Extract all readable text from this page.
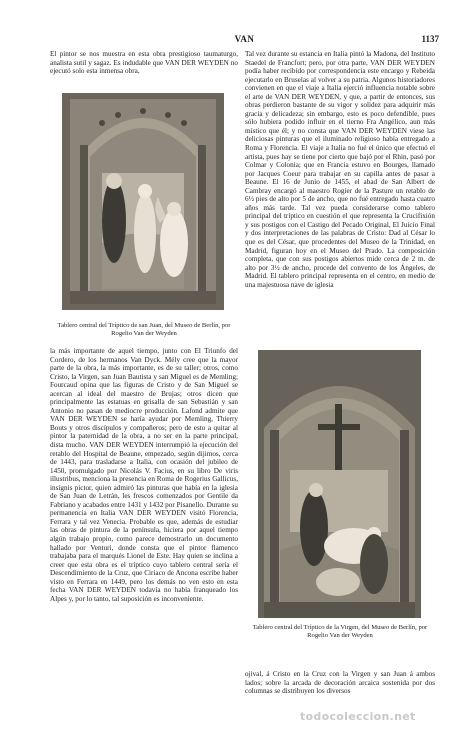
VAN	1137

El pintor se nos muestra en esta obra prestigioso taumaturgo, analista sutil y sagaz. Es indudable que VAN DER WEYDEN no ejecutó solo esta inmensa obra,

Tablero central del Tríptico de san Juan, del Museo de Berlín, por Rogelio Van der Weyden

la más importante de aquel tiempo, junto con El Triunfo del Cordero, de los hermanos Van Dyck. Mély cree que la mayor parte de la obra, la más importante, es de su taller; otros, como Cristo, la Virgen, san Juan Bautista y san Miguel es de Memling; Fourcaud opina que las figuras de Cristo y de San Miguel se acercan al ideal del maestro de Brujas; otros dicen que principalmente las estatuas en grisalla de san Sebastián y san Antonio no pasan de mediocre producción. Lafond admite que VAN DER WEYDEN se haría ayudar por Memling, Thierry Bouts y otros discípulos y compañeros; pero de esto a quitar al pintor la paternidad de la obra, a no ser en la parte principal, dista mucho. VAN DER WEYDEN interrumpió la ejecución del retablo del Hospital de Beaune, empezado, según dijimos, cerca de 1443, para trasladarse a Italia, con ocasión del jubileo de 1450, promulgado por Nicolás V. Facius, en su libro De viris illustribus, menciona la presencia en Roma de Rogerius Gallicus, insignis pictor, quien admiró las pinturas que había en la iglesia de San Juan de Letrán, les frescos comenzados por Gentile da Fabriano y acabados entre 1431 y 1432 por Pisanello. Durante su permanencia en Italia VAN DER WEYDEN visitó Florencia, Ferrara y tal vez Venecia. Probable es que, además de estudiar las obras de pintura de la península, hiciera por aquel tiempo algún trabajo propio, como parece demostrarlo un documento hallado por Venturi, donde consta que el pintor flamenco trabajaba para el marqués Lionel de Este. Hay quien se inclina a creer que esta obra es el tríptico cuyo tablero central sería el Descendimiento de la Cruz, que Ciriaco de Ancona escribe haber visto en Ferrara en 1449, pero los demás no ven esto en esta fecha VAN DER WEYDEN todavía no había franqueado los Alpes y, por lo tanto, tal suposición es inconveniente.

Tal vez durante su estancia en Italia pintó la Madona, del Instituto Staedel de Francfort; pero, por otra parte, VAN DER WEYDEN podía haber recibido por correspondencia este encargo y Rebeida ejecutarlo en Bruselas al volver a su patria. Algunos historiadores convienen en que el viaje a Italia ejerció influencia notable sobre el arte de VAN DER WEYDEN, y que, a partir de entonces, sus obras perdieron bastante de su vigor y solidez para adquirir más gracia y delicadeza; sin embargo, esto es poco defendible, pues sólo hubiera podido influir en el tierno Fra Angélico, aun más místico que él; y no consta que VAN DER WEYDEN viese las deliciosas pinturas que el iluminado religioso había entregado a Roma y Florencia. El viaje a Italia no fué el único que efectuó el artista, pues hay se tiene por cierto que bajó por el Rhin, pasó por Colmar y Colonia; que en Francia estuvo en Bourges, llamado por Jacques Coeur para trabajar en su capilla antes de pasar a Beaune. El 16 de Junio de 1455, el abad de San Albert de Cambray encargó al maestro Rogier de la Pasture un retablo de 6½ pies de alto por 5 de ancho, que no fué entregado hasta cuatro años más tarde. Tal vez pueda considerarse como tablero principal del tríptico en cuestión el que representa la Crucifixión y sus postigos con el Castigo del Pecado Original, El Juicio Final y dos interpretaciones de las palabras de Cristo: Dad al César lo que es del César, que procedentes del Museo de la Trinidad, en Madrid, figuran hoy en el Museo del Prado. La composición completa, que con sus postigos abiertos mide cerca de 2 m. de alto por 3½ de ancho, procede del convento de los Ángeles, de Madrid. El tablero principal representa en el centro, en medio de una majestuosa nave de iglesia

Tablero central del Tríptico de la Virgen, del Museo de Berlín, por Rogelio Van der Weyden

ojival, á Cristo en la Cruz con la Virgen y san Juan á ambos lados; sobre la arcada de decoración arcaica sostenida por dos columnas se distribuyen los diversos

todocoleccion.net
